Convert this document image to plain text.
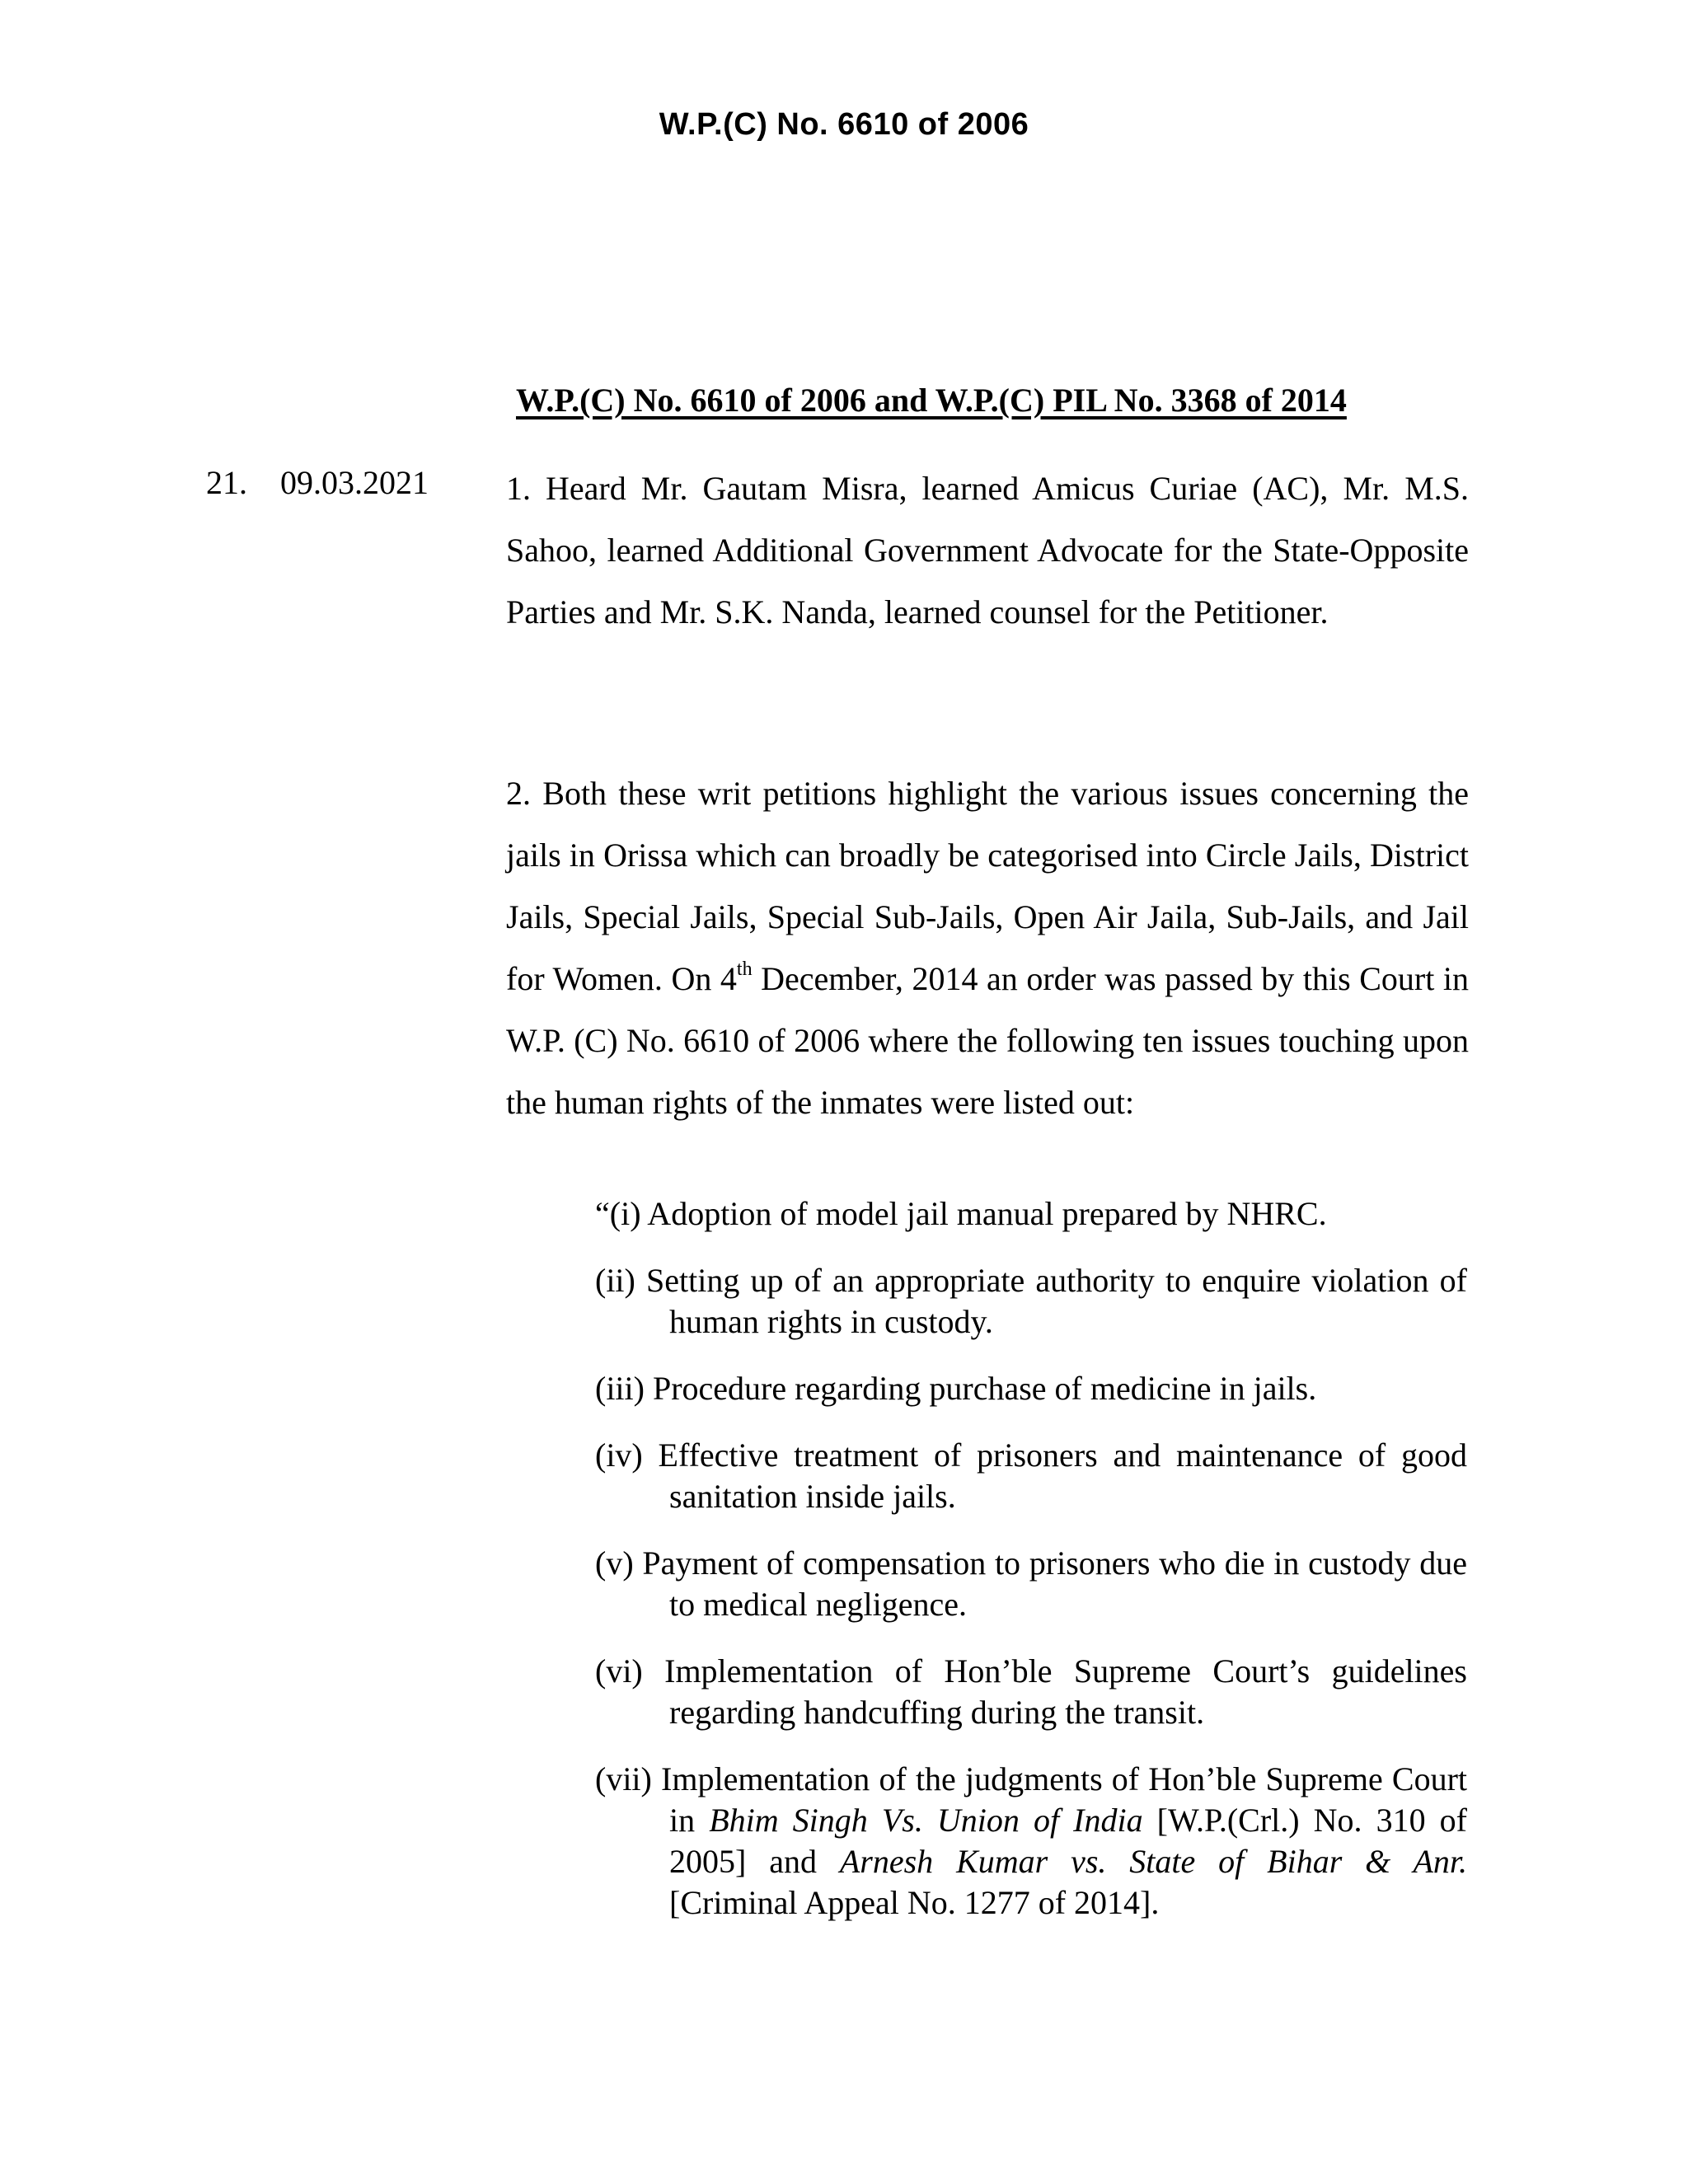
W.P.(C) No. 6610 of 2006
W.P.(C) No. 6610 of 2006 and W.P.(C) PIL No. 3368 of 2014
21. 09.03.2021 1. Heard Mr. Gautam Misra, learned Amicus Curiae (AC), Mr. M.S. Sahoo, learned Additional Government Advocate for the State-Opposite Parties and Mr. S.K. Nanda, learned counsel for the Petitioner.
2. Both these writ petitions highlight the various issues concerning the jails in Orissa which can broadly be categorised into Circle Jails, District Jails, Special Jails, Special Sub-Jails, Open Air Jaila, Sub-Jails, and Jail for Women. On 4th December, 2014 an order was passed by this Court in W.P. (C) No. 6610 of 2006 where the following ten issues touching upon the human rights of the inmates were listed out:
“(i) Adoption of model jail manual prepared by NHRC.
(ii) Setting up of an appropriate authority to enquire violation of human rights in custody.
(iii) Procedure regarding purchase of medicine in jails.
(iv) Effective treatment of prisoners and maintenance of good sanitation inside jails.
(v) Payment of compensation to prisoners who die in custody due to medical negligence.
(vi) Implementation of Hon’ble Supreme Court’s guidelines regarding handcuffing during the transit.
(vii) Implementation of the judgments of Hon’ble Supreme Court in Bhim Singh Vs. Union of India [W.P.(Crl.) No. 310 of 2005] and Arnesh Kumar vs. State of Bihar & Anr. [Criminal Appeal No. 1277 of 2014].
